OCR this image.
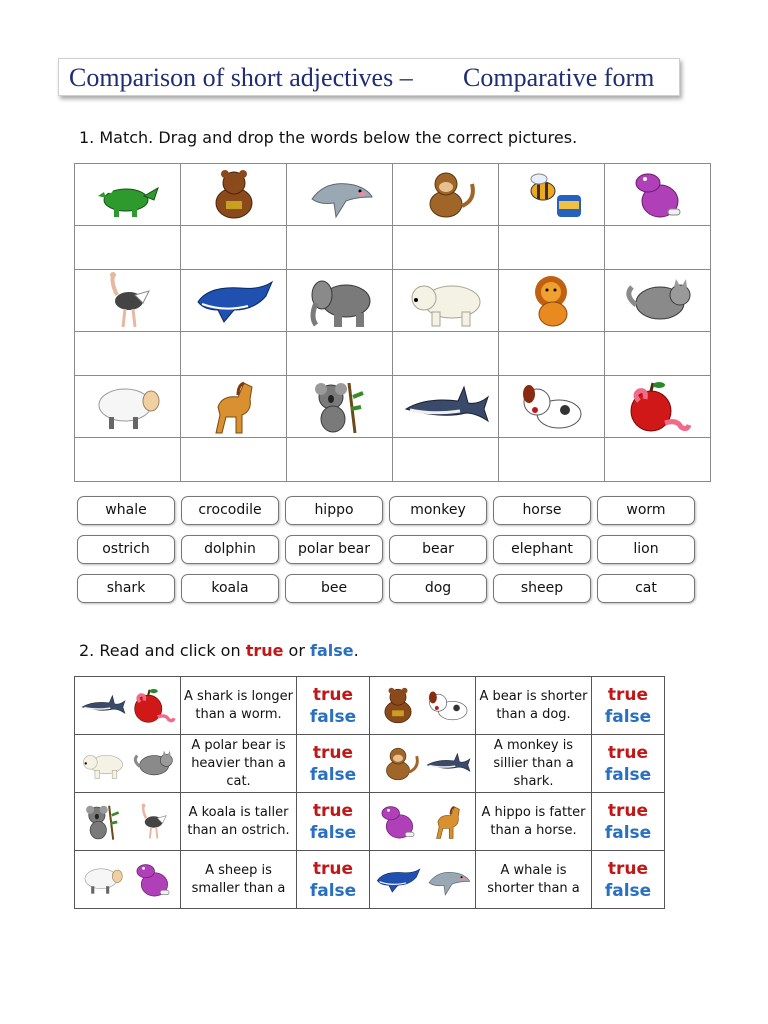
Comparison of short adjectives – Comparative form
1. Match. Drag and drop the words below the correct pictures.

whale	crocodile	hippo	monkey	horse	worm
ostrich	dolphin	polar bear	bear	elephant	lion
shark	koala	bee	dog	sheep	cat
2. Read and click on true or false.
	A shark is longer than a worm.	true
false		A bear is shorter than a dog.	true
false

	A polar bear is heavier than a cat.	true
false		A monkey is sillier than a shark.	true
false

	A koala is taller than an ostrich.	true
false		A hippo is fatter than a horse.	true
false

	A sheep is smaller than a	true
false		A whale is shorter than a	true
false
